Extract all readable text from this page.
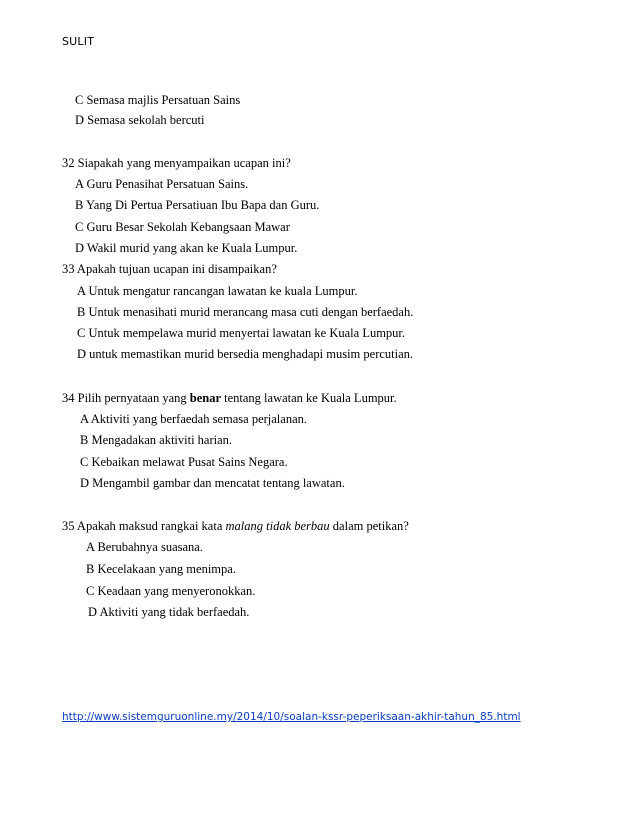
SULIT
C Semasa majlis Persatuan Sains
D Semasa sekolah bercuti
32 Siapakah yang menyampaikan ucapan ini?
A Guru Penasihat Persatuan Sains.
B Yang Di Pertua Persatiuan Ibu Bapa dan Guru.
C Guru Besar Sekolah Kebangsaan Mawar
D Wakil murid yang akan ke Kuala Lumpur.
33 Apakah tujuan ucapan ini disampaikan?
A Untuk mengatur rancangan lawatan ke kuala Lumpur.
B Untuk menasihati murid merancang masa cuti dengan berfaedah.
C Untuk mempelawa murid menyertai lawatan ke Kuala Lumpur.
D untuk memastikan murid bersedia menghadapi musim percutian.
34 Pilih pernyataan yang benar tentang lawatan ke Kuala Lumpur.
A Aktiviti yang berfaedah semasa perjalanan.
B Mengadakan aktiviti harian.
C Kebaikan melawat Pusat Sains Negara.
D Mengambil gambar dan mencatat tentang lawatan.
35 Apakah maksud rangkai kata malang tidak berbau dalam petikan?
A Berubahnya suasana.
B Kecelakaan yang menimpa.
C Keadaan yang menyeronokkan.
D Aktiviti yang tidak berfaedah.
http://www.sistemguruonline.my/2014/10/soalan-kssr-peperiksaan-akhir-tahun_85.html
